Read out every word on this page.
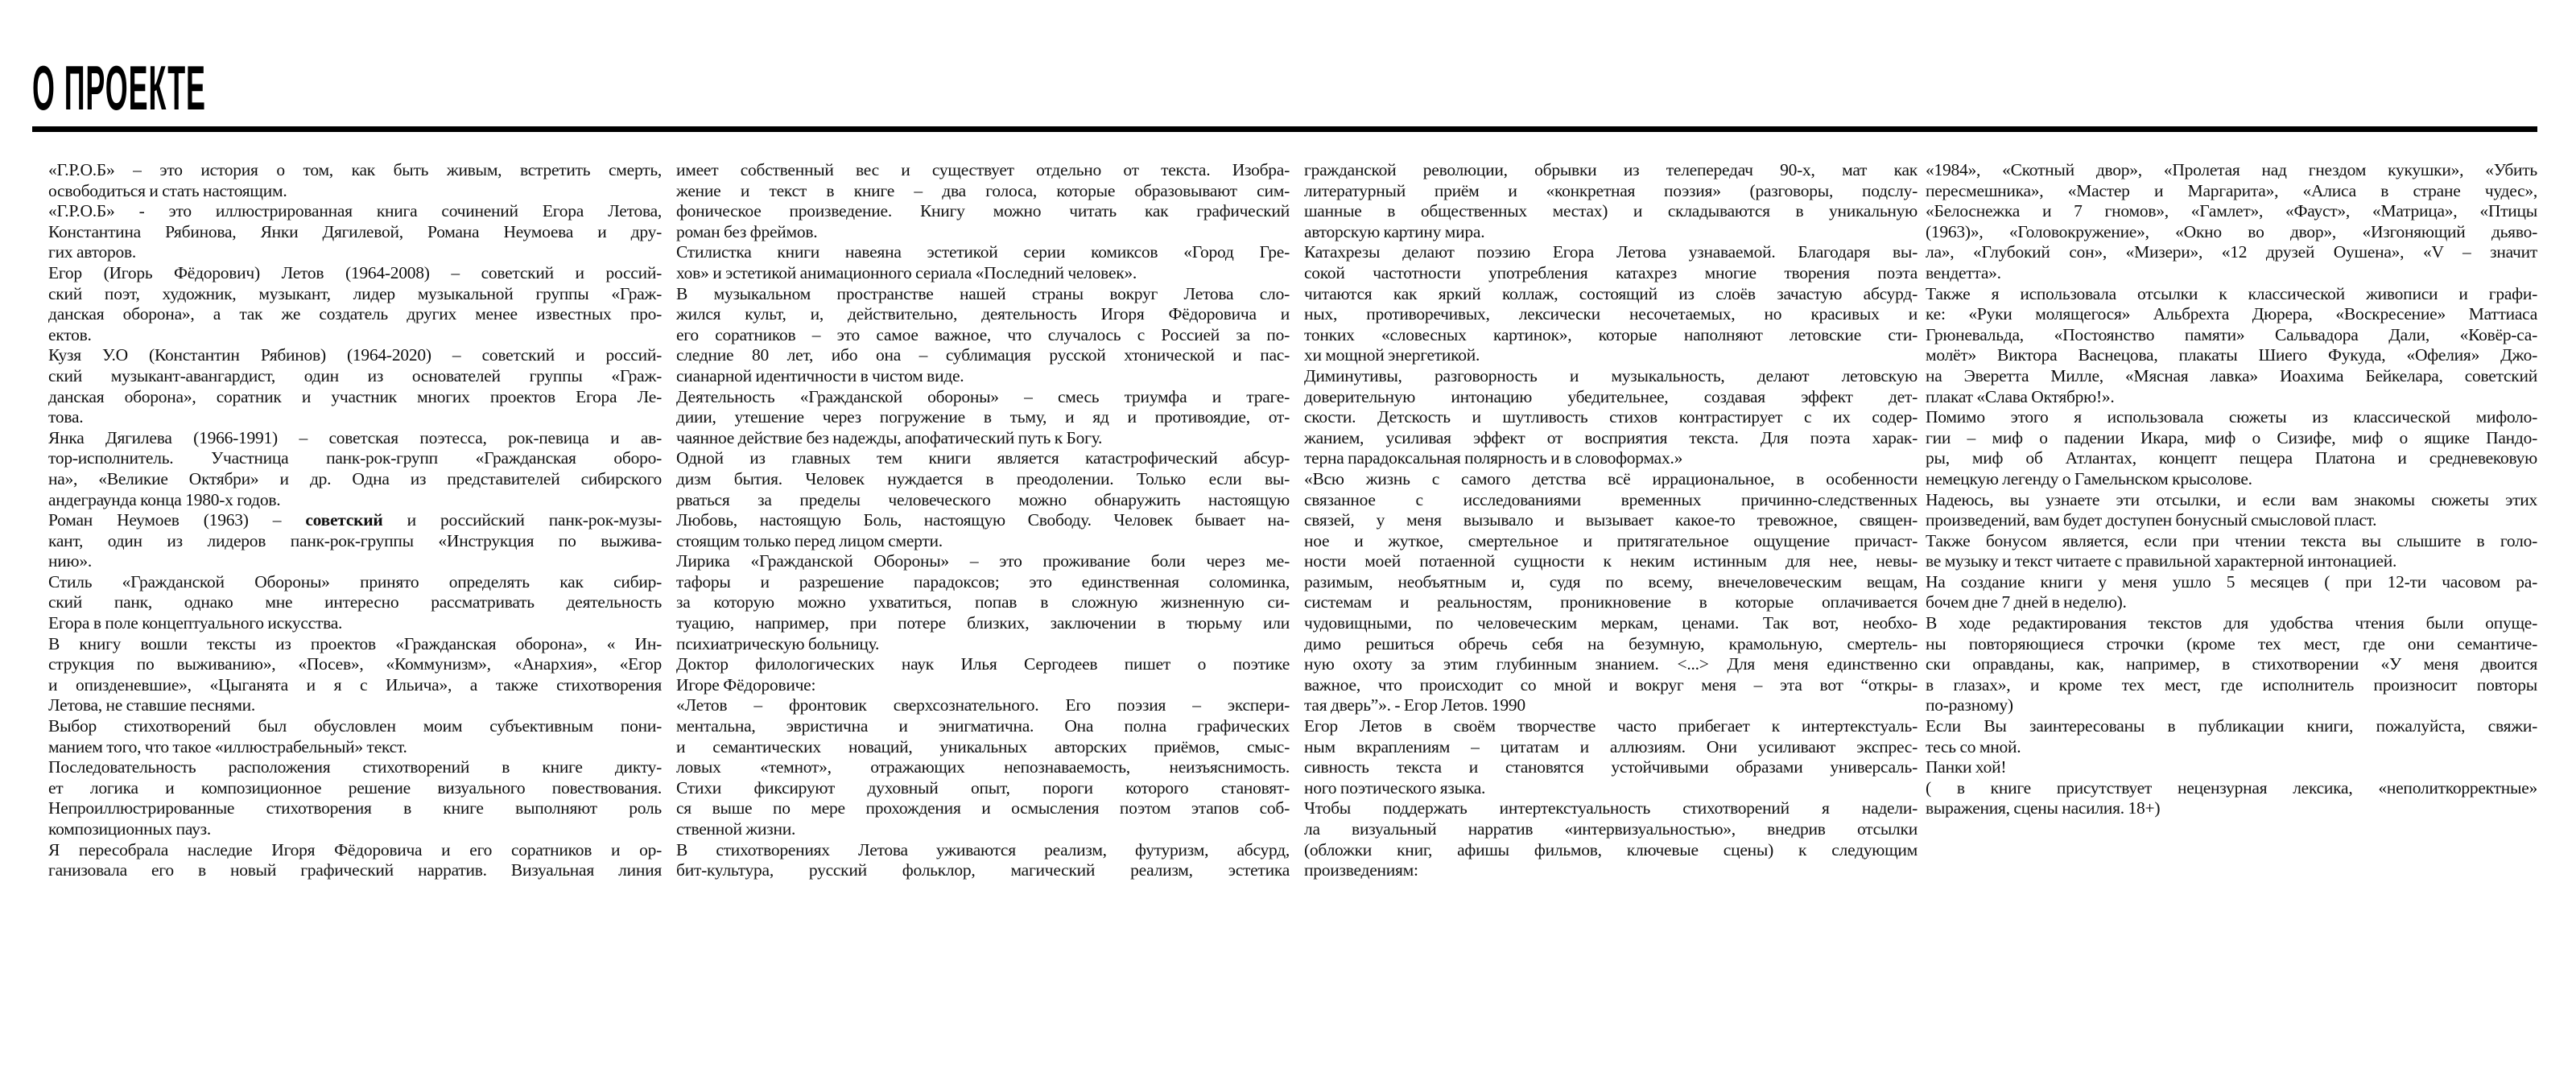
О ПРОЕКТЕ
«Г.Р.О.Б» – это история о том, как быть живым, встретить смерть,
освободиться и стать настоящим.
«Г.Р.О.Б» - это иллюстрированная книга сочинений Егора Летова,
Константина Рябинова, Янки Дягилевой, Романа Неумоева и дру-
гих авторов.
Егор (Игорь Фёдорович) Летов (1964-2008) – советский и россий-
ский поэт, художник, музыкант, лидер музыкальной группы «Граж-
данская оборона», а так же создатель других менее известных про-
ектов.
Кузя У.О (Константин Рябинов) (1964-2020) – советский и россий-
ский музыкант-авангардист, один из основателей группы «Граж-
данская оборона», соратник и участник многих проектов Егора Ле-
това.
Янка Дягилева (1966-1991) – советская поэтесса, рок-певица и ав-
тор-исполнитель. Участница панк-рок-групп «Гражданская оборо-
на», «Великие Октябри» и др. Одна из представителей сибирского
андеграунда конца 1980-х годов.
Роман Неумоев (1963) – советский и российский панк-рок-музы-
кант, один из лидеров панк-рок-группы «Инструкция по выжива-
нию».
Стиль «Гражданской Обороны» принято определять как сибир-
ский панк, однако мне интересно рассматривать деятельность
Егора в поле концептуального искусства.
В книгу вошли тексты из проектов «Гражданская оборона», « Ин-
струкция по выживанию», «Посев», «Коммунизм», «Анархия», «Егор
и опизденевшие», «Цыганята и я с Ильича», а также стихотворения
Летова, не ставшие песнями.
Выбор стихотворений был обусловлен моим субъективным пони-
манием того, что такое «иллюстрабельный» текст.
Последовательность расположения стихотворений в книге дикту-
ет логика и композиционное решение визуального повествования.
Непроиллюстрированные стихотворения в книге выполняют роль
композиционных пауз.
Я пересобрала наследие Игоря Фёдоровича и его соратников и ор-
ганизовала его в новый графический нарратив. Визуальная линия
имеет собственный вес и существует отдельно от текста. Изобра-
жение и текст в книге – два голоса, которые образовывают сим-
фоническое произведение. Книгу можно читать как графический
роман без фреймов.
Стилистка книги навеяна эстетикой серии комиксов «Город Гре-
хов» и эстетикой анимационного сериала «Последний человек».
В музыкальном пространстве нашей страны вокруг Летова сло-
жился культ, и, действительно, деятельность Игоря Фёдоровича и
его соратников – это самое важное, что случалось с Россией за по-
следние 80 лет, ибо она – сублимация русской хтонической и пас-
сианарной идентичности в чистом виде.
Деятельность «Гражданской обороны» – смесь триумфа и траге-
диии, утешение через погружение в тьму, и яд и противоядие, от-
чаянное действие без надежды, апофатический путь к Богу.
Одной из главных тем книги является катастрофический абсур-
дизм бытия. Человек нуждается в преодолении. Только если вы-
рваться за пределы человеческого можно обнаружить настоящую
Любовь, настоящую Боль, настоящую Свободу. Человек бывает на-
стоящим только перед лицом смерти.
Лирика «Гражданской Обороны» – это проживание боли через ме-
тафоры и разрешение парадоксов; это единственная соломинка,
за которую можно ухватиться, попав в сложную жизненную си-
туацию, например, при потере близких, заключении в тюрьму или
психиатрическую больницу.
Доктор филологических наук Илья Сергодеев пишет о поэтике
Игоре Фёдоровиче:
«Летов – фронтовик сверхсознательного. Его поэзия – экспери-
ментальна, эвристична и энигматична. Она полна графических
и семантических новаций, уникальных авторских приёмов, смыс-
ловых «темнот», отражающих непознаваемость, неизъяснимость.
Стихи фиксируют духовный опыт, пороги которого становят-
ся выше по мере прохождения и осмысления поэтом этапов соб-
ственной жизни.
В стихотворениях Летова уживаются реализм, футуризм, абсурд,
бит-культура, русский фольклор, магический реализм, эстетика
гражданской революции, обрывки из телепередач 90-х, мат как
литературный приём и «конкретная поэзия» (разговоры, подслу-
шанные в общественных местах) и складываются в уникальную
авторскую картину мира.
Катахрезы делают поэзию Егора Летова узнаваемой. Благодаря вы-
сокой частотности употребления катахрез многие творения поэта
читаются как яркий коллаж, состоящий из слоёв зачастую абсурд-
ных, противоречивых, лексически несочетаемых, но красивых и
тонких «словесных картинок», которые наполняют летовские сти-
хи мощной энергетикой.
Диминутивы, разговорность и музыкальность, делают летовскую
доверительную интонацию убедительнее, создавая эффект дет-
скости. Детскость и шутливость стихов контрастирует с их содер-
жанием, усиливая эффект от восприятия текста. Для поэта харак-
терна парадоксальная полярность и в словоформах.»
«Всю жизнь с самого детства всё иррациональное, в особенности
связанное с исследованиями временных причинно-следственных
связей, у меня вызывало и вызывает какое-то тревожное, священ-
ное и жуткое, смертельное и притягательное ощущение причаст-
ности моей потаенной сущности к неким истинным для нее, невы-
разимым, необъятным и, судя по всему, внечеловеческим вещам,
системам и реальностям, проникновение в которые оплачивается
чудовищными, по человеческим меркам, ценами. Так вот, необхо-
димо решиться обречь себя на безумную, крамольную, смертель-
ную охоту за этим глубинным знанием. <...> Для меня единственно
важное, что происходит со мной и вокруг меня – эта вот “откры-
тая дверь”». - Егор Летов. 1990
Егор Летов в своём творчестве часто прибегает к интертекстуаль-
ным вкраплениям – цитатам и аллюзиям. Они усиливают экспрес-
сивность текста и становятся устойчивыми образами универсаль-
ного поэтического языка.
Чтобы поддержать интертекстуальность стихотворений я надели-
ла визуальный нарратив «интервизуальностью», внедрив отсылки
(обложки книг, афишы фильмов, ключевые сцены) к следующим
произведениям:
«1984», «Скотный двор», «Пролетая над гнездом кукушки», «Убить
пересмешника», «Мастер и Маргарита», «Алиса в стране чудес»,
«Белоснежка и 7 гномов», «Гамлет», «Фауст», «Матрица», «Птицы
(1963)», «Головокружение», «Окно во двор», «Изгоняющий дьяво-
ла», «Глубокий сон», «Мизери», «12 друзей Оушена», «V – значит
вендетта».
Также я использовала отсылки к классической живописи и графи-
ке: «Руки молящегося» Альбрехта Дюрера, «Воскресение» Маттиаса
Грюневальда, «Постоянство памяти» Сальвадора Дали, «Ковёр-са-
молёт» Виктора Васнецова, плакаты Шиего Фукуда, «Офелия» Джо-
на Эверетта Милле, «Мясная лавка» Иоахима Бейкелара, советский
плакат «Слава Октябрю!».
Помимо этого я использовала сюжеты из классической мифоло-
гии – миф о падении Икара, миф о Сизифе, миф о ящике Пандо-
ры, миф об Атлантах, концепт пещера Платона и средневековую
немецкую легенду о Гамельнском крысолове.
Надеюсь, вы узнаете эти отсылки, и если вам знакомы сюжеты этих
произведений, вам будет доступен бонусный смысловой пласт.
Также бонусом является, если при чтении текста вы слышите в голо-
ве музыку и текст читаете с правильной характерной интонацией.
На создание книги у меня ушло 5 месяцев ( при 12-ти часовом ра-
бочем дне 7 дней в неделю).
В ходе редактирования текстов для удобства чтения были опуще-
ны повторяющиеся строчки (кроме тех мест, где они семантиче-
ски оправданы, как, например, в стихотворении «У меня двоится
в глазах», и кроме тех мест, где исполнитель произносит повторы
по-разному)
Если Вы заинтересованы в публикации книги, пожалуйста, свяжи-
тесь со мной.
Панки хой!
( в книге присутствует нецензурная лексика, «неполиткорректные»
выражения, сцены насилия. 18+)
